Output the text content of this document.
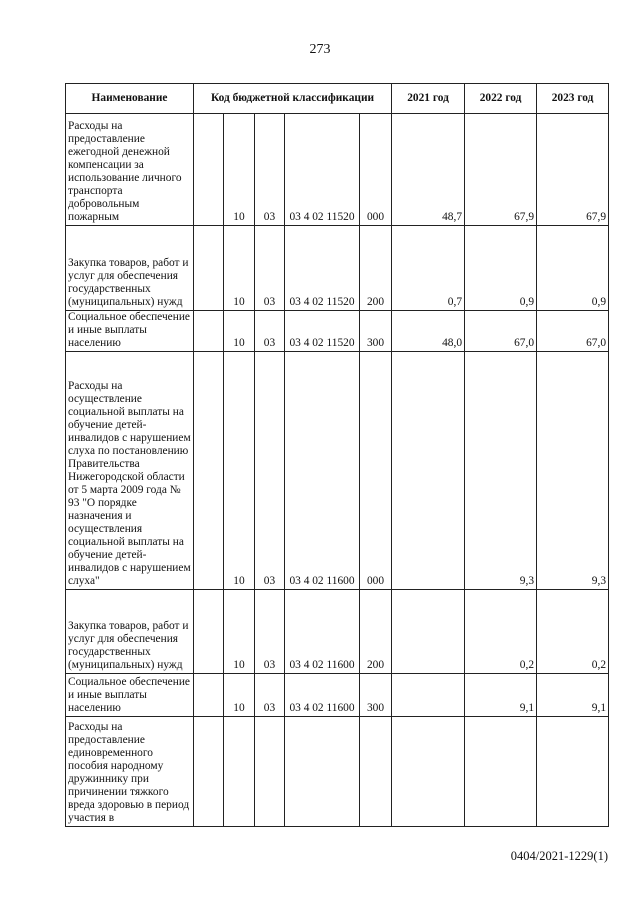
273
Наименование	Код бюджетной классификации					2021 год	2022 год	2023 год
Расходы на предоставление ежегодной денежной компенсации за использование личного транспорта добровольным пожарным		10	03	03 4 02 11520	000	48,7	67,9	67,9
Закупка товаров, работ и услуг для обеспечения государственных (муниципальных) нужд		10	03	03 4 02 11520	200	0,7	0,9	0,9
Социальное обеспечение и иные выплаты населению		10	03	03 4 02 11520	300	48,0	67,0	67,0
Расходы на осуществление социальной выплаты на обучение детей-инвалидов с нарушением слуха по постановлению Правительства Нижегородской области от 5 марта 2009 года № 93 "О порядке назначения и осуществления социальной выплаты на обучение детей-инвалидов с нарушением слуха"		10	03	03 4 02 11600	000		9,3	9,3
Закупка товаров, работ и услуг для обеспечения государственных (муниципальных) нужд		10	03	03 4 02 11600	200		0,2	0,2
Социальное обеспечение и иные выплаты населению		10	03	03 4 02 11600	300		9,1	9,1
Расходы на предоставление единовременного пособия народному дружиннику при причинении тяжкого вреда здоровью в период участия в								
0404/2021-1229(1)
